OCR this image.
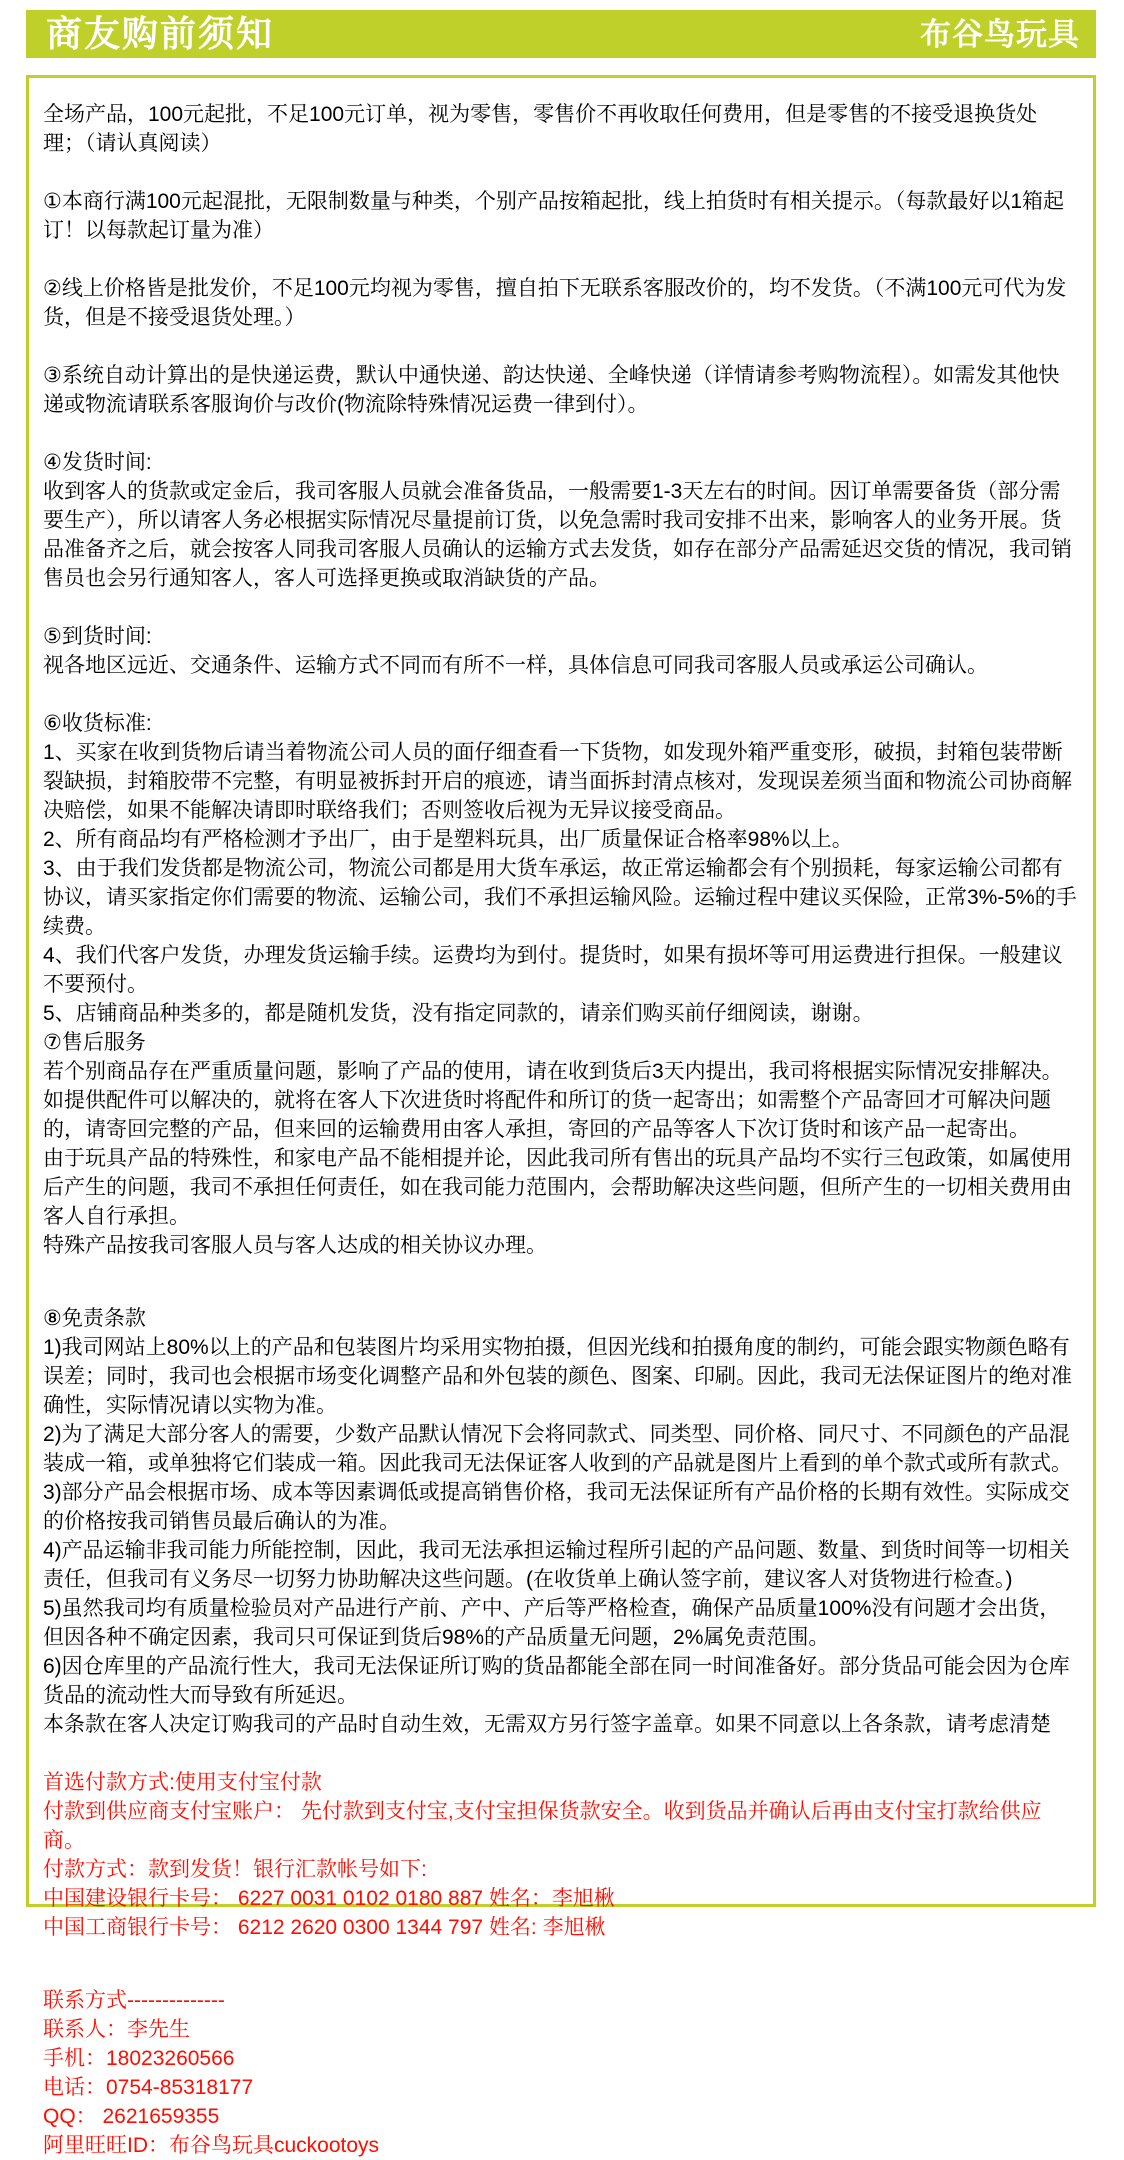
商友购前须知	布谷鸟玩具

全场产品，100元起批，不足100元订单，视为零售，零售价不再收取任何费用，但是零售的不接受退换货处理；（请认真阅读）

①本商行满100元起混批，无限制数量与种类，个别产品按箱起批，线上拍货时有相关提示。（每款最好以1箱起订！以每款起订量为准）

②线上价格皆是批发价，不足100元均视为零售，擅自拍下无联系客服改价的，均不发货。（不满100元可代为发货，但是不接受退货处理。）

③系统自动计算出的是快递运费，默认中通快递、韵达快递、全峰快递（详情请参考购物流程）。如需发其他快递或物流请联系客服询价与改价(物流除特殊情况运费一律到付）。

④发货时间:

收到客人的货款或定金后，我司客服人员就会准备货品，一般需要1-3天左右的时间。因订单需要备货（部分需要生产），所以请客人务必根据实际情况尽量提前订货，以免急需时我司安排不出来，影响客人的业务开展。货品准备齐之后，就会按客人同我司客服人员确认的运输方式去发货，如存在部分产品需延迟交货的情况，我司销售员也会另行通知客人，客人可选择更换或取消缺货的产品。

⑤到货时间:

视各地区远近、交通条件、运输方式不同而有所不一样，具体信息可同我司客服人员或承运公司确认。

⑥收货标准:

1、买家在收到货物后请当着物流公司人员的面仔细查看一下货物，如发现外箱严重变形，破损，封箱包装带断裂缺损，封箱胶带不完整，有明显被拆封开启的痕迹，请当面拆封清点核对，发现误差须当面和物流公司协商解决赔偿，如果不能解决请即时联络我们；否则签收后视为无异议接受商品。

2、所有商品均有严格检测才予出厂，由于是塑料玩具，出厂质量保证合格率98%以上。

3、由于我们发货都是物流公司，物流公司都是用大货车承运，故正常运输都会有个别损耗，每家运输公司都有协议，请买家指定你们需要的物流、运输公司，我们不承担运输风险。运输过程中建议买保险，正常3%-5%的手续费。

4、我们代客户发货，办理发货运输手续。运费均为到付。提货时，如果有损坏等可用运费进行担保。一般建议不要预付。

5、店铺商品种类多的，都是随机发货，没有指定同款的，请亲们购买前仔细阅读，谢谢。

⑦售后服务

若个别商品存在严重质量问题，影响了产品的使用，请在收到货后3天内提出，我司将根据实际情况安排解决。如提供配件可以解决的，就将在客人下次进货时将配件和所订的货一起寄出；如需整个产品寄回才可解决问题的，请寄回完整的产品，但来回的运输费用由客人承担，寄回的产品等客人下次订货时和该产品一起寄出。

由于玩具产品的特殊性，和家电产品不能相提并论，因此我司所有售出的玩具产品均不实行三包政策，如属使用后产生的问题，我司不承担任何责任，如在我司能力范围内，会帮助解决这些问题，但所产生的一切相关费用由客人自行承担。

特殊产品按我司客服人员与客人达成的相关协议办理。

⑧免责条款

1)我司网站上80%以上的产品和包装图片均采用实物拍摄，但因光线和拍摄角度的制约，可能会跟实物颜色略有误差；同时，我司也会根据市场变化调整产品和外包装的颜色、图案、印刷。因此，我司无法保证图片的绝对准确性，实际情况请以实物为准。

2)为了满足大部分客人的需要，少数产品默认情况下会将同款式、同类型、同价格、同尺寸、不同颜色的产品混装成一箱，或单独将它们装成一箱。因此我司无法保证客人收到的产品就是图片上看到的单个款式或所有款式。

3)部分产品会根据市场、成本等因素调低或提高销售价格，我司无法保证所有产品价格的长期有效性。实际成交的价格按我司销售员最后确认的为准。

4)产品运输非我司能力所能控制，因此，我司无法承担运输过程所引起的产品问题、数量、到货时间等一切相关责任，但我司有义务尽一切努力协助解决这些问题。(在收货单上确认签字前，建议客人对货物进行检查。)

5)虽然我司均有质量检验员对产品进行产前、产中、产后等严格检查，确保产品质量100%没有问题才会出货，但因各种不确定因素，我司只可保证到货后98%的产品质量无问题，2%属免责范围。

6)因仓库里的产品流行性大，我司无法保证所订购的货品都能全部在同一时间准备好。部分货品可能会因为仓库货品的流动性大而导致有所延迟。

本条款在客人决定订购我司的产品时自动生效，无需双方另行签字盖章。如果不同意以上各条款，请考虑清楚

首选付款方式:使用支付宝付款

付款到供应商支付宝账户： 先付款到支付宝,支付宝担保货款安全。收到货品并确认后再由支付宝打款给供应商。

付款方式：款到发货！银行汇款帐号如下:

中国建设银行卡号： 6227 0031 0102 0180 887 姓名：李旭楸

中国工商银行卡号： 6212 2620 0300 1344 797 姓名: 李旭楸

联系方式--------------

联系人：李先生

手机：18023260566

电话：0754-85318177

QQ： 2621659355

阿里旺旺ID：布谷鸟玩具cuckootoys
